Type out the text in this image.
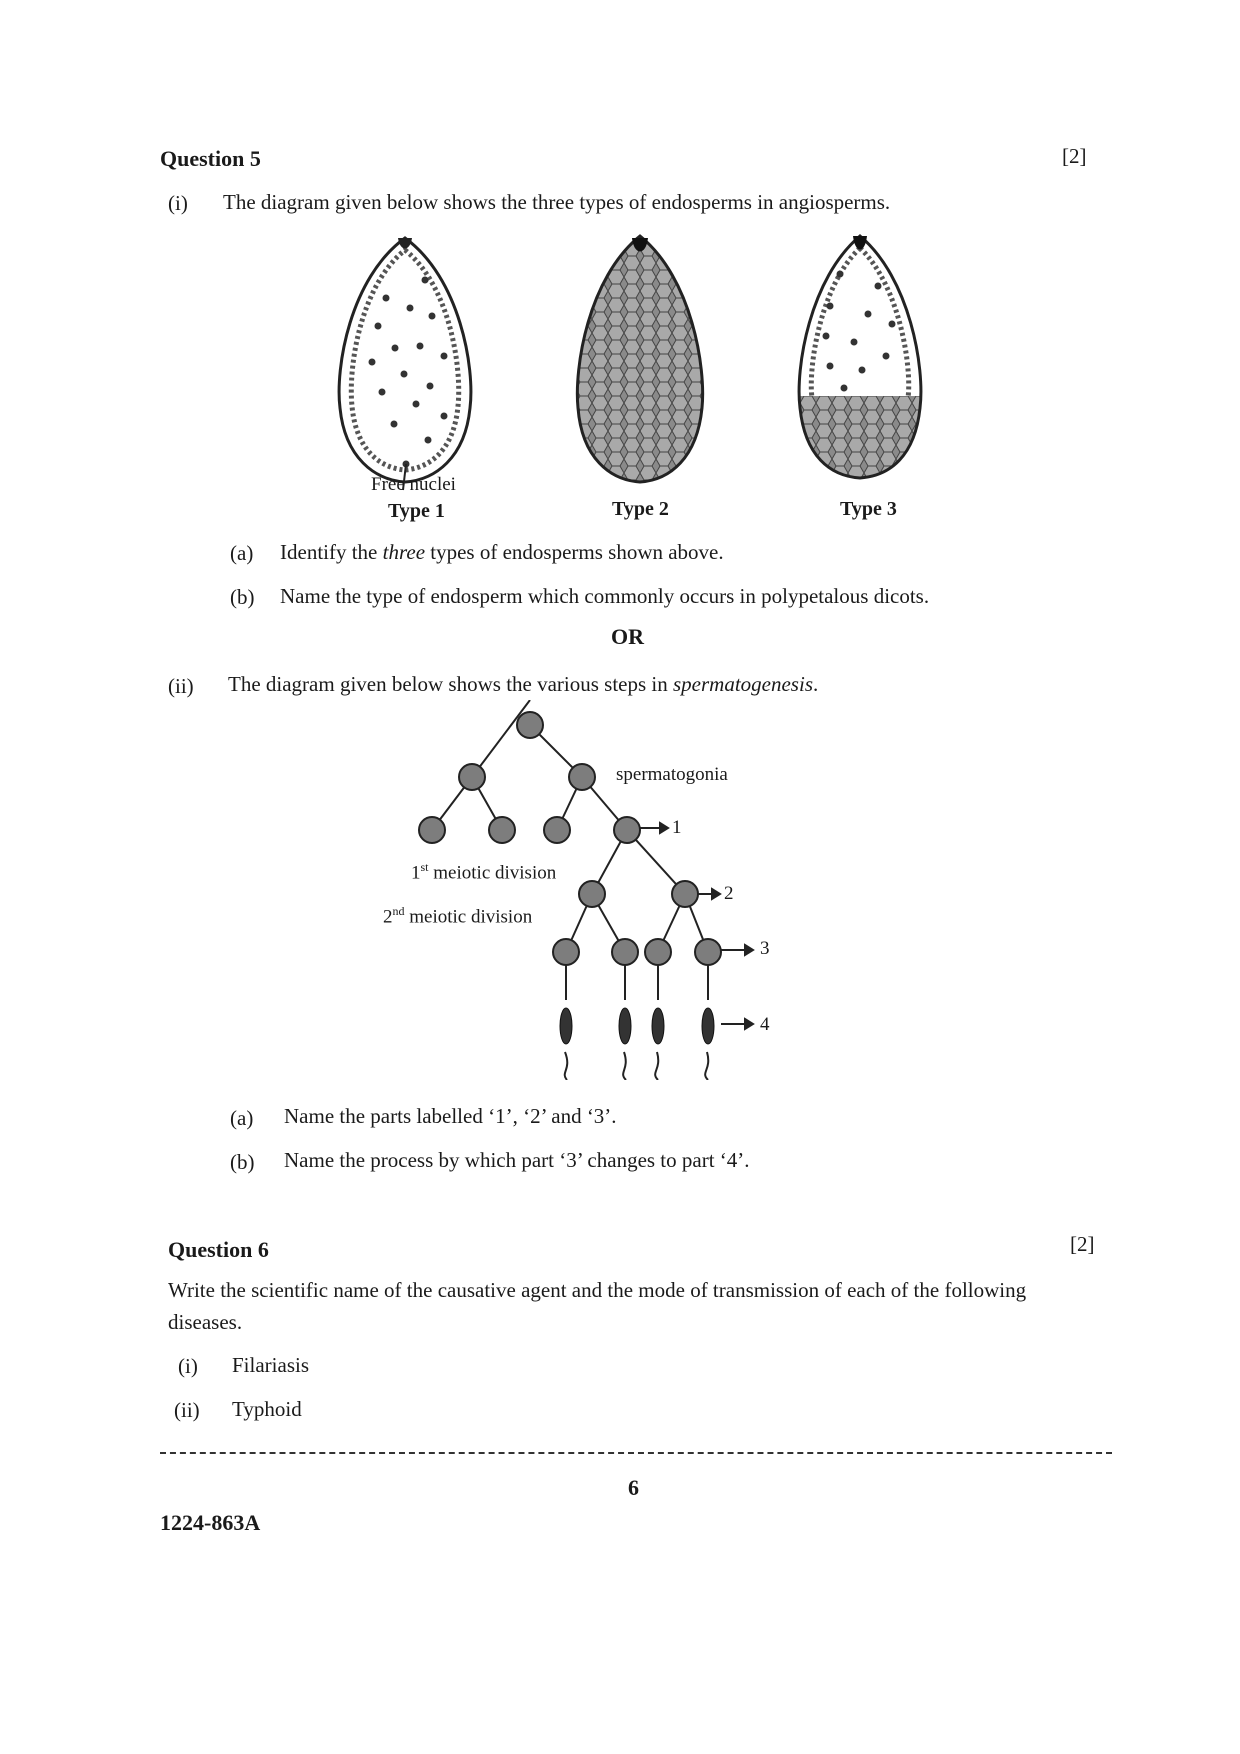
Question 5	[2]
(i) The diagram given below shows the three types of endosperms in angiosperms.
Free nuclei
Type 1	Type 2	Type 3
(a) Identify the three types of endosperms shown above.
(b) Name the type of endosperm which commonly occurs in polypetalous dicots.
OR
(ii) The diagram given below shows the various steps in spermatogenesis.
spermatogonia
1
2
3
4
1st meiotic division
2nd meiotic division
(a) Name the parts labelled ‘1’, ‘2’ and ‘3’.
(b) Name the process by which part ‘3’ changes to part ‘4’.
Question 6	[2]
Write the scientific name of the causative agent and the mode of transmission of each of the following diseases.
(i) Filariasis
(ii) Typhoid
6
1224-863A
